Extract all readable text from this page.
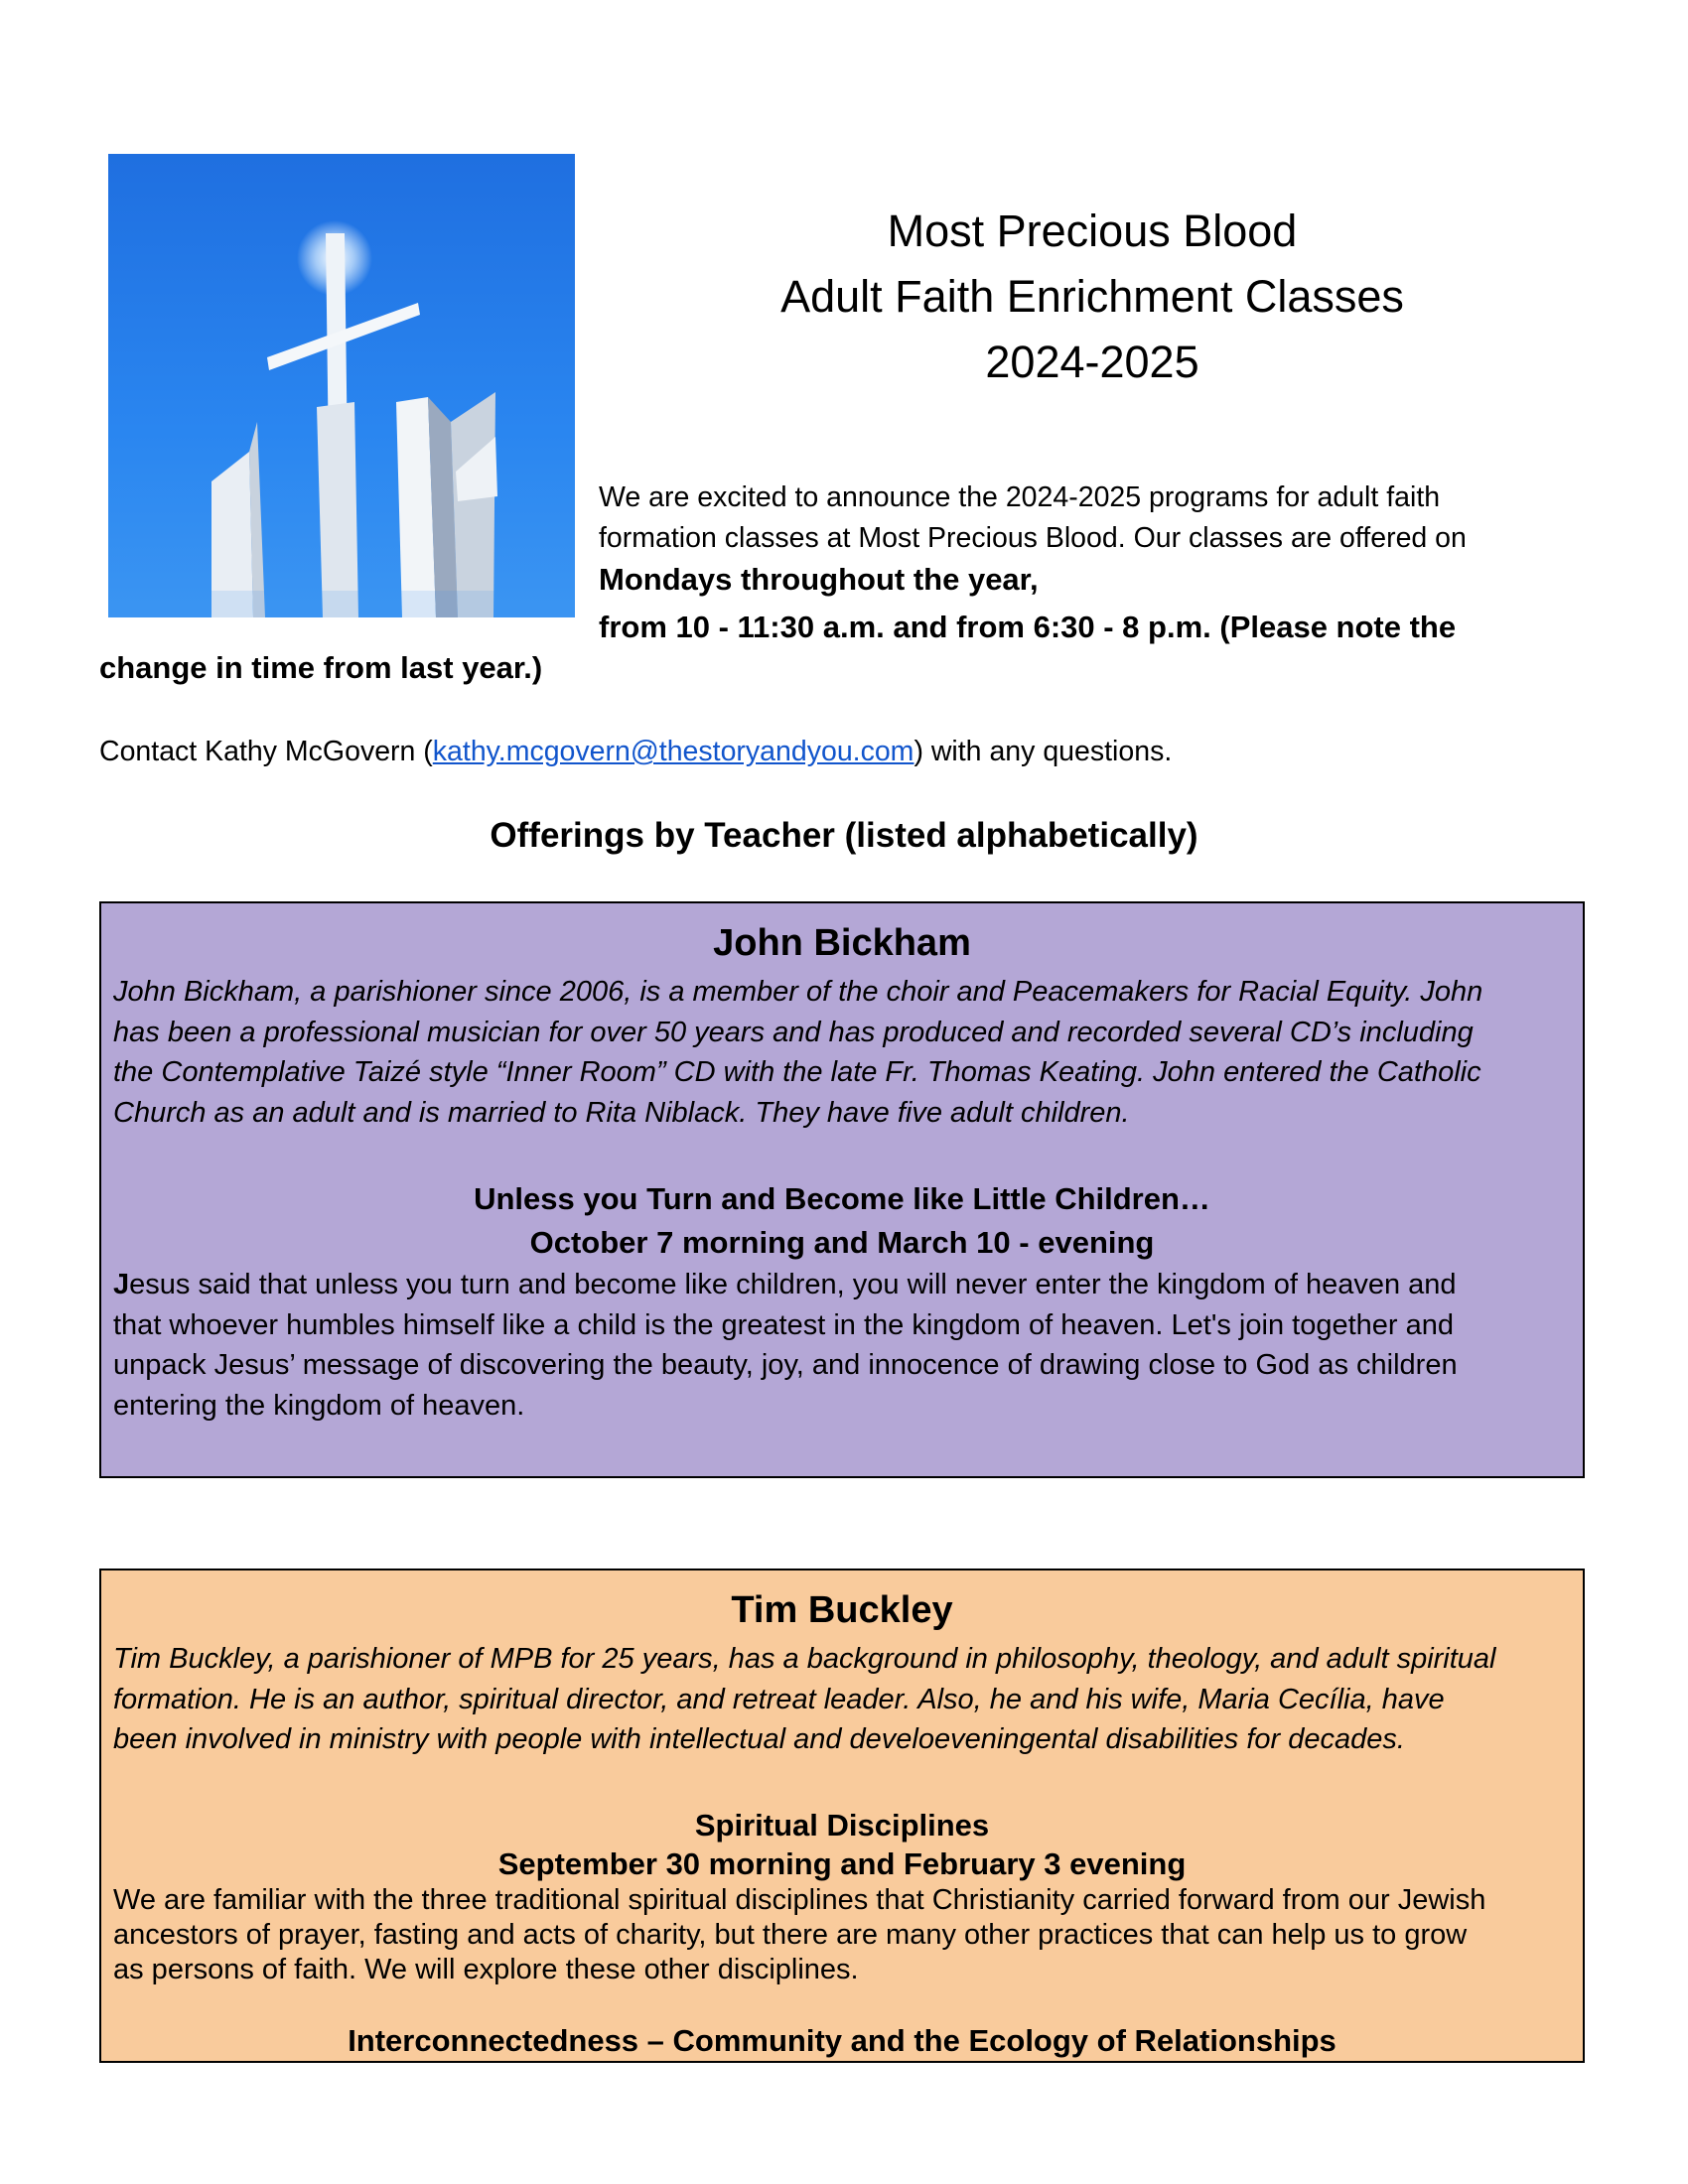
Most Precious Blood
Adult Faith Enrichment Classes
2024-2025

We are excited to announce the 2024-2025 programs for adult faith

formation classes at Most Precious Blood. Our classes are offered on

Mondays throughout the year,

from 10 - 11:30 a.m. and from 6:30 - 8 p.m. (Please note the

change in time from last year.)
Contact Kathy McGovern (kathy.mcgovern@thestoryandyou.com) with any questions.
Offerings by Teacher (listed alphabetically)
John Bickham
John Bickham, a parishioner since 2006, is a member of the choir and Peacemakers for Racial Equity. John
has been a professional musician for over 50 years and has produced and recorded several CD’s including
the Contemplative Taizé style “Inner Room” CD with the late Fr. Thomas Keating. John entered the Catholic
Church as an adult and is married to Rita Niblack. They have five adult children.

Unless you Turn and Become like Little Children…

October 7 morning and March 10 - evening

Jesus said that unless you turn and become like children, you will never enter the kingdom of heaven and
that whoever humbles himself like a child is the greatest in the kingdom of heaven. Let's join together and
unpack Jesus’ message of discovering the beauty, joy, and innocence of drawing close to God as children
entering the kingdom of heaven.
Tim Buckley
Tim Buckley, a parishioner of MPB for 25 years, has a background in philosophy, theology, and adult spiritual
formation. He is an author, spiritual director, and retreat leader. Also, he and his wife, Maria Cecília, have
been involved in ministry with people with intellectual and develoeveningental disabilities for decades.

Spiritual Disciplines

September 30 morning and February 3 evening

We are familiar with the three traditional spiritual disciplines that Christianity carried forward from our Jewish
ancestors of prayer, fasting and acts of charity, but there are many other practices that can help us to grow
as persons of faith. We will explore these other disciplines.

Interconnectedness – Community and the Ecology of Relationships
